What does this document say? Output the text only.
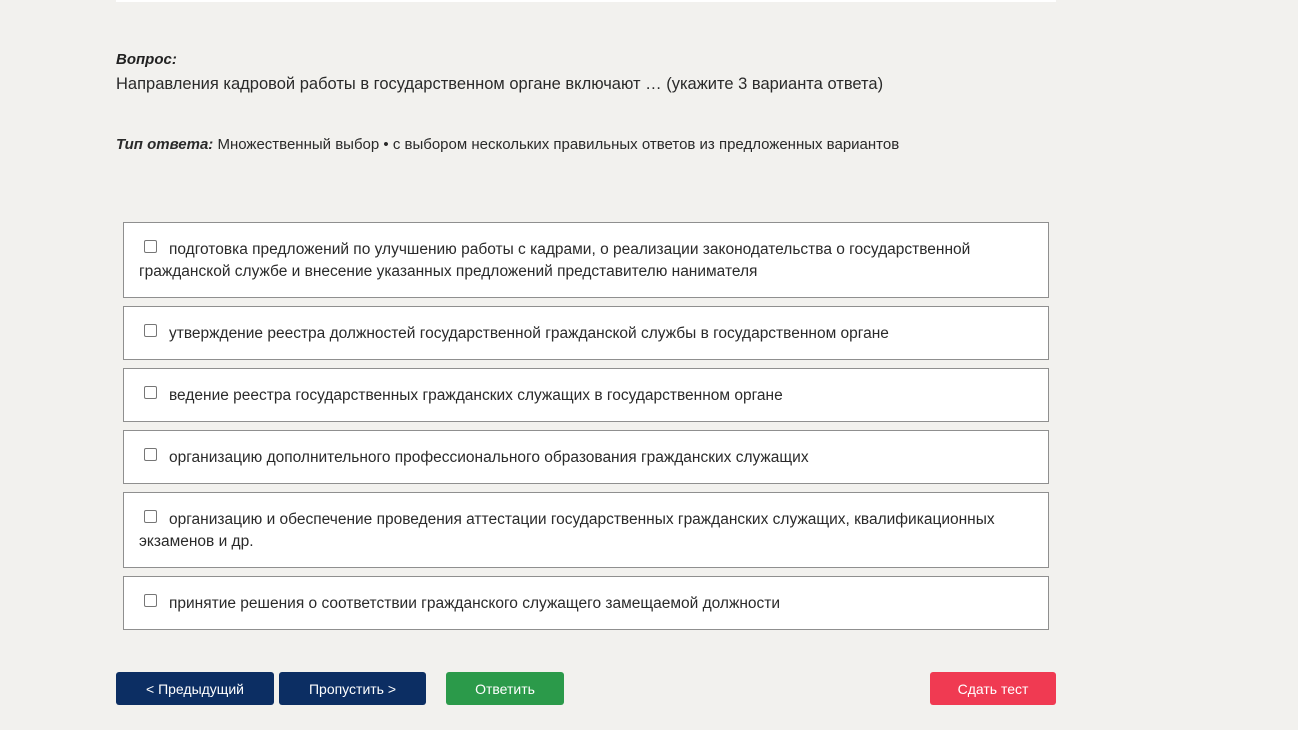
Вопрос:
Направления кадровой работы в государственном органе включают … (укажите 3 варианта ответа)
Тип ответа: Множественный выбор • с выбором нескольких правильных ответов из предложенных вариантов
подготовка предложений по улучшению работы с кадрами, о реализации законодательства о государственной гражданской службе и внесение указанных предложений представителю нанимателя
утверждение реестра должностей государственной гражданской службы в государственном органе
ведение реестра государственных гражданских служащих в государственном органе
организацию дополнительного профессионального образования гражданских служащих
организацию и обеспечение проведения аттестации государственных гражданских служащих, квалификационных экзаменов и др.
принятие решения о соответствии гражданского служащего замещаемой должности
< Предыдущий	Пропустить >	Ответить	Сдать тест
